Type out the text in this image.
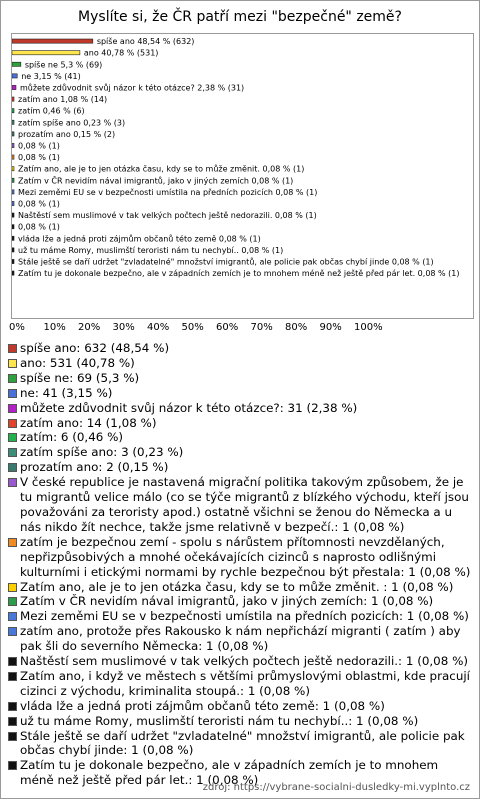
Myslíte si, že ČR patří mezi "bezpečné" země?
spíše ano 48,54 % (632)
ano 40,78 % (531)
spíše ne 5,3 % (69)
ne 3,15 % (41)
můžete zdůvodnit svůj názor k této otázce? 2,38 % (31)
zatím ano 1,08 % (14)
zatím 0,46 % (6)
zatím spíše ano 0,23 % (3)
prozatím ano 0,15 % (2)
0,08 % (1)
0,08 % (1)
Zatím ano, ale je to jen otázka času, kdy se to může změnit. 0,08 % (1)
Zatím v ČR nevidím nával imigrantů, jako v jiných zemích 0,08 % (1)
Mezi zeměmi EU se v bezpečnosti umístila na předních pozicích 0,08 % (1)
0,08 % (1)
Naštěstí sem muslimové v tak velkých počtech ještě nedorazili. 0,08 % (1)
0,08 % (1)
vláda lže a jedná proti zájmům občanů této země 0,08 % (1)
už tu máme Romy, muslimští teroristi nám tu nechybí.. 0,08 % (1)
Stále ještě se daří udržet "zvladatelné" množství imigrantů, ale policie pak občas chybí jinde 0,08 % (1)
Zatím tu je dokonale bezpečno, ale v západních zemích je to mnohem méně než ještě před pár let. 0,08 % (1)
spíše ano: 632 (48,54 %)
ano: 531 (40,78 %)
spíše ne: 69 (5,3 %)
ne: 41 (3,15 %)
můžete zdůvodnit svůj názor k této otázce?: 31 (2,38 %)
zatím ano: 14 (1,08 %)
zatím: 6 (0,46 %)
zatím spíše ano: 3 (0,23 %)
prozatím ano: 2 (0,15 %)
V české republice je nastavená migrační politika takovým způsobem, že je tu migrantů velice málo (co se týče migrantů z blízkého východu, kteří jsou považováni za teroristy apod.) ostatně všichni se ženou do Německa a u nás nikdo žít nechce, takže jsme relativně v bezpečí.: 1 (0,08 %)
zatím je bezpečnou zemí - spolu s nárůstem přítomnosti nevzdělaných, nepřizpůsobivých a mnohé očekávajících cizinců s naprosto odlišnými kulturními i etickými normami by rychle bezpečnou být přestala: 1 (0,08 %)
Zatím ano, ale je to jen otázka času, kdy se to může změnit. : 1 (0,08 %)
Zatím v ČR nevidím nával imigrantů, jako v jiných zemích: 1 (0,08 %)
Mezi zeměmi EU se v bezpečnosti umístila na předních pozicích: 1 (0,08 %)
zatím ano, protože přes Rakousko k nám nepřichází migranti ( zatím ) aby pak šli do severního Německa: 1 (0,08 %)
Naštěstí sem muslimové v tak velkých počtech ještě nedorazili.: 1 (0,08 %)
Zatím ano, i když ve městech s většími průmyslovými oblastmi, kde pracují cizinci z východu, kriminalita stoupá.: 1 (0,08 %)
vláda lže a jedná proti zájmům občanů této země: 1 (0,08 %)
už tu máme Romy, muslimští teroristi nám tu nechybí..: 1 (0,08 %)
Stále ještě se daří udržet "zvladatelné" množství imigrantů, ale policie pak občas chybí jinde: 1 (0,08 %)
Zatím tu je dokonale bezpečno, ale v západních zemích je to mnohem méně než ještě před pár let.: 1 (0,08 %)
zdroj: https://vybrane-socialni-dusledky-mi.vyplnto.cz
0% 10% 20% 30% 40% 50% 60% 70% 80% 90% 100%
